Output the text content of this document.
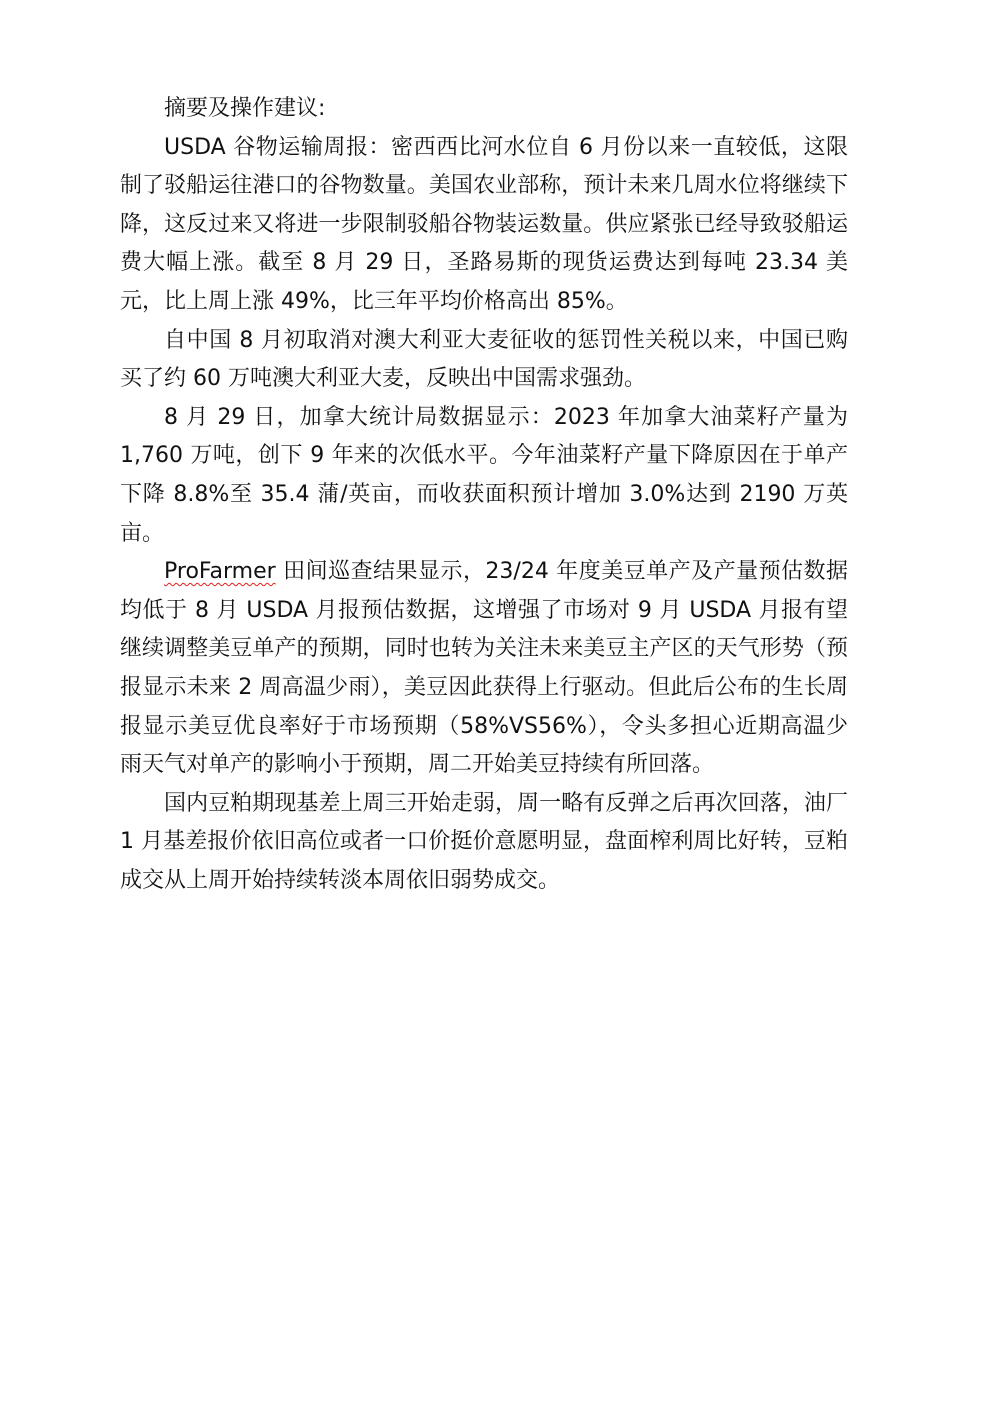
摘要及操作建议:

USDA 谷物运输周报：密西西比河水位自 6 月份以来一直较低，这限制了驳船运往港口的谷物数量。美国农业部称，预计未来几周水位将继续下降，这反过来又将进一步限制驳船谷物装运数量。供应紧张已经导致驳船运费大幅上涨。截至 8 月 29 日，圣路易斯的现货运费达到每吨 23.34 美元，比上周上涨 49%，比三年平均价格高出 85%。

自中国 8 月初取消对澳大利亚大麦征收的惩罚性关税以来，中国已购买了约 60 万吨澳大利亚大麦，反映出中国需求强劲。

8 月 29 日，加拿大统计局数据显示：2023 年加拿大油菜籽产量为1,760 万吨，创下 9 年来的次低水平。今年油菜籽产量下降原因在于单产下降 8.8%至 35.4 蒲/英亩，而收获面积预计增加 3.0%达到 2190 万英亩。

ProFarmer 田间巡查结果显示，23/24 年度美豆单产及产量预估数据均低于 8 月 USDA 月报预估数据，这增强了市场对 9 月 USDA 月报有望继续调整美豆单产的预期，同时也转为关注未来美豆主产区的天气形势（预报显示未来 2 周高温少雨），美豆因此获得上行驱动。但此后公布的生长周报显示美豆优良率好于市场预期（58%VS56%），令头多担心近期高温少雨天气对单产的影响小于预期，周二开始美豆持续有所回落。

国内豆粕期现基差上周三开始走弱，周一略有反弹之后再次回落，油厂 1 月基差报价依旧高位或者一口价挺价意愿明显，盘面榨利周比好转，豆粕成交从上周开始持续转淡本周依旧弱势成交。
